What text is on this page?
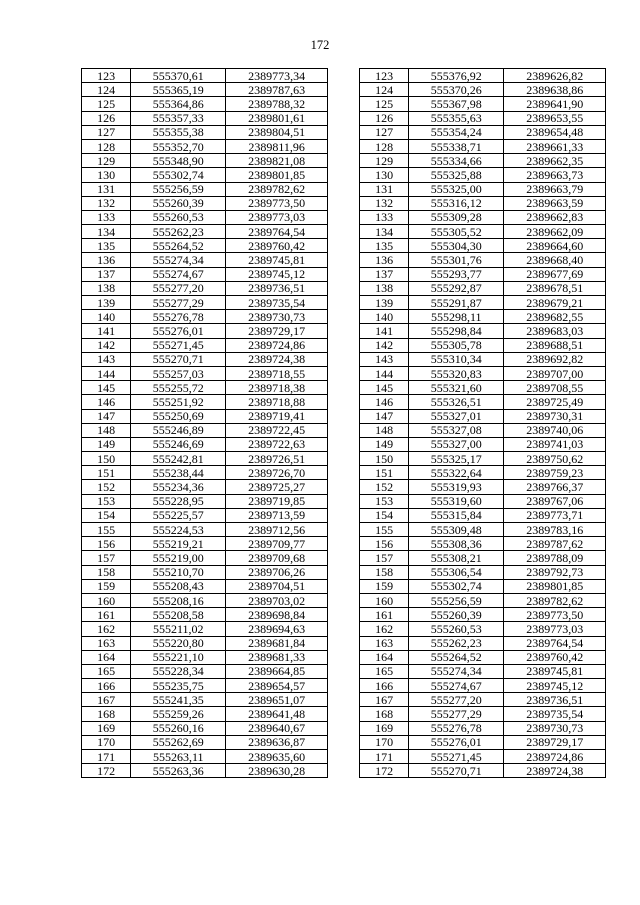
172
123	555370,61	2389773,34		123	555376,92	2389626,82
124	555365,19	2389787,63		124	555370,26	2389638,86
125	555364,86	2389788,32		125	555367,98	2389641,90
126	555357,33	2389801,61		126	555355,63	2389653,55
127	555355,38	2389804,51		127	555354,24	2389654,48
128	555352,70	2389811,96		128	555338,71	2389661,33
129	555348,90	2389821,08		129	555334,66	2389662,35
130	555302,74	2389801,85		130	555325,88	2389663,73
131	555256,59	2389782,62		131	555325,00	2389663,79
132	555260,39	2389773,50		132	555316,12	2389663,59
133	555260,53	2389773,03		133	555309,28	2389662,83
134	555262,23	2389764,54		134	555305,52	2389662,09
135	555264,52	2389760,42		135	555304,30	2389664,60
136	555274,34	2389745,81		136	555301,76	2389668,40
137	555274,67	2389745,12		137	555293,77	2389677,69
138	555277,20	2389736,51		138	555292,87	2389678,51
139	555277,29	2389735,54		139	555291,87	2389679,21
140	555276,78	2389730,73		140	555298,11	2389682,55
141	555276,01	2389729,17		141	555298,84	2389683,03
142	555271,45	2389724,86		142	555305,78	2389688,51
143	555270,71	2389724,38		143	555310,34	2389692,82
144	555257,03	2389718,55		144	555320,83	2389707,00
145	555255,72	2389718,38		145	555321,60	2389708,55
146	555251,92	2389718,88		146	555326,51	2389725,49
147	555250,69	2389719,41		147	555327,01	2389730,31
148	555246,89	2389722,45		148	555327,08	2389740,06
149	555246,69	2389722,63		149	555327,00	2389741,03
150	555242,81	2389726,51		150	555325,17	2389750,62
151	555238,44	2389726,70		151	555322,64	2389759,23
152	555234,36	2389725,27		152	555319,93	2389766,37
153	555228,95	2389719,85		153	555319,60	2389767,06
154	555225,57	2389713,59		154	555315,84	2389773,71
155	555224,53	2389712,56		155	555309,48	2389783,16
156	555219,21	2389709,77		156	555308,36	2389787,62
157	555219,00	2389709,68		157	555308,21	2389788,09
158	555210,70	2389706,26		158	555306,54	2389792,73
159	555208,43	2389704,51		159	555302,74	2389801,85
160	555208,16	2389703,02		160	555256,59	2389782,62
161	555208,58	2389698,84		161	555260,39	2389773,50
162	555211,02	2389694,63		162	555260,53	2389773,03
163	555220,80	2389681,84		163	555262,23	2389764,54
164	555221,10	2389681,33		164	555264,52	2389760,42
165	555228,34	2389664,85		165	555274,34	2389745,81
166	555235,75	2389654,57		166	555274,67	2389745,12
167	555241,35	2389651,07		167	555277,20	2389736,51
168	555259,26	2389641,48		168	555277,29	2389735,54
169	555260,16	2389640,67		169	555276,78	2389730,73
170	555262,69	2389636,87		170	555276,01	2389729,17
171	555263,11	2389635,60		171	555271,45	2389724,86
172	555263,36	2389630,28		172	555270,71	2389724,38
